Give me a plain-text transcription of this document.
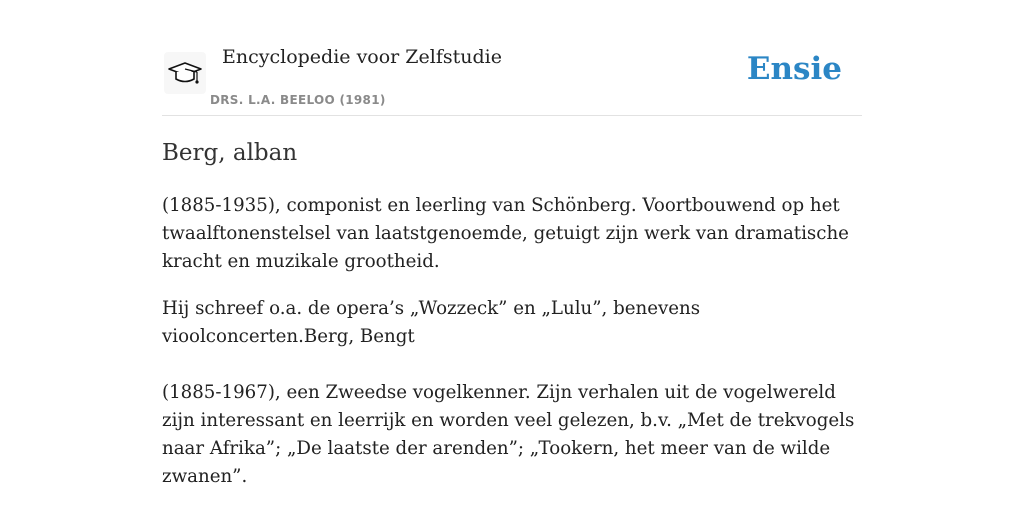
Encyclopedie voor Zelfstudie
DRS. L.A. BEELOO (1981)
Ensie
Berg, alban

(1885-1935), componist en leerling van Schönberg. Voortbouwend op het twaalftonenstelsel van laatstgenoemde, getuigt zijn werk van dramatische kracht en muzikale grootheid.

Hij schreef o.a. de opera’s „Wozzeck” en „Lulu”, benevens vioolconcerten.Berg, Bengt

(1885-1967), een Zweedse vogelkenner. Zijn verhalen uit de vogelwereld zijn interessant en leerrijk en worden veel gelezen, b.v. „Met de trekvogels naar Afrika”; „De laatste der arenden”; „Tookern, het meer van de wilde zwanen”.
